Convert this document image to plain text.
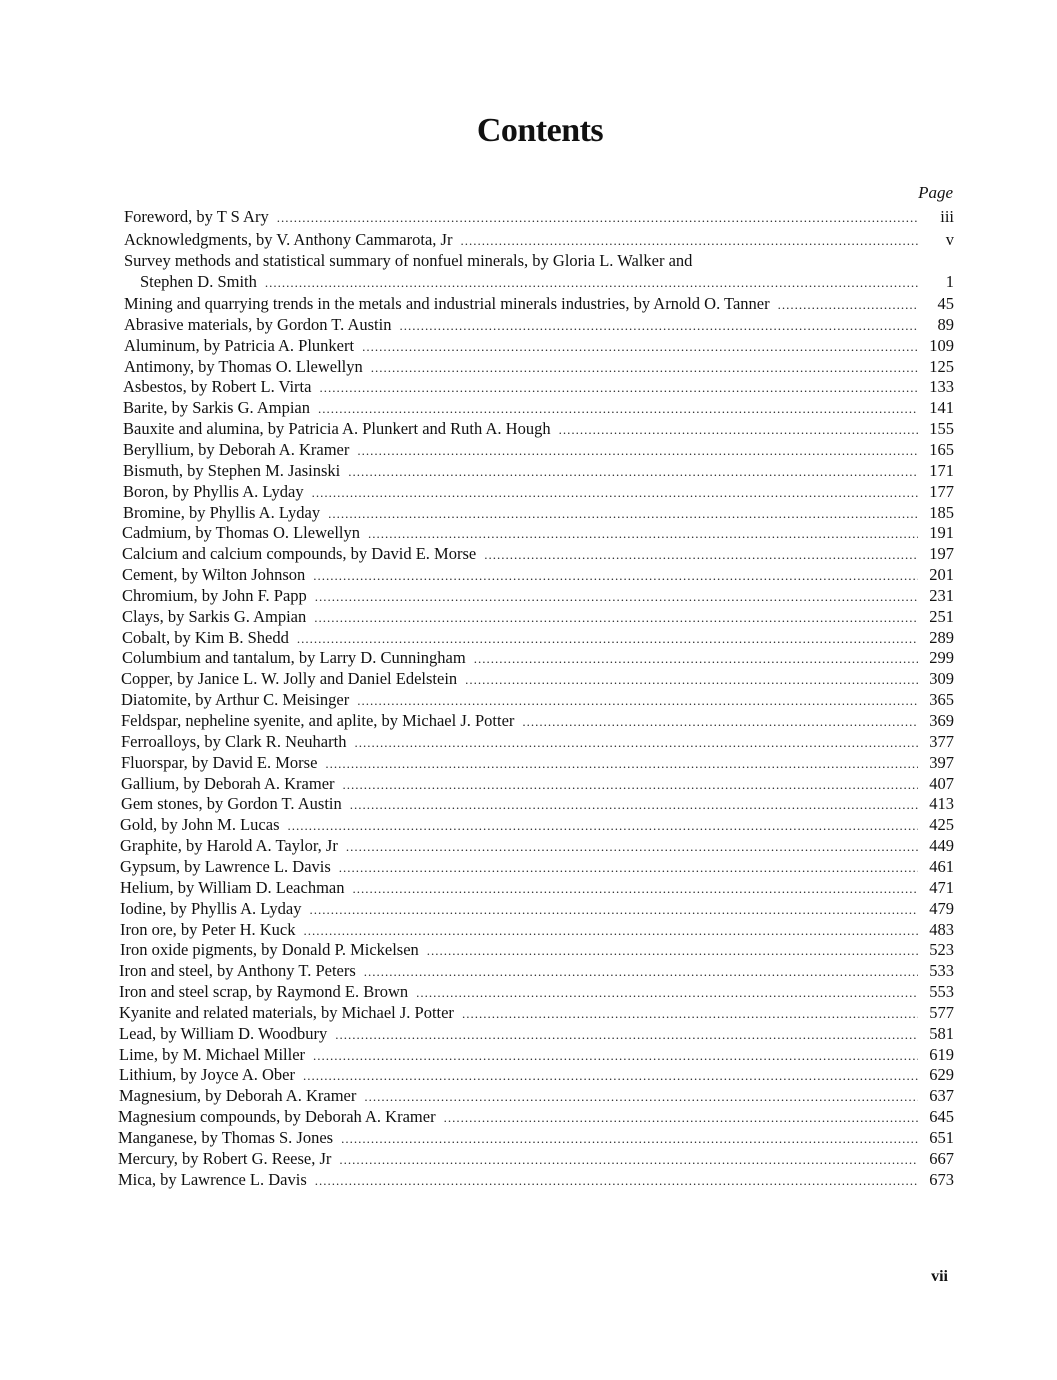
Contents
Page
Foreword, by T S Ary .....	iii
Acknowledgments, by V. Anthony Cammarota, Jr .....	v
Survey methods and statistical summary of nonfuel minerals, by Gloria L. Walker and
Stephen D. Smith .....	1
Mining and quarrying trends in the metals and industrial minerals industries, by Arnold O. Tanner .....	45
Abrasive materials, by Gordon T. Austin .....	89
Aluminum, by Patricia A. Plunkert .....	109
Antimony, by Thomas O. Llewellyn .....	125
Asbestos, by Robert L. Virta .....	133
Barite, by Sarkis G. Ampian .....	141
Bauxite and alumina, by Patricia A. Plunkert and Ruth A. Hough .....	155
Beryllium, by Deborah A. Kramer .....	165
Bismuth, by Stephen M. Jasinski .....	171
Boron, by Phyllis A. Lyday .....	177
Bromine, by Phyllis A. Lyday .....	185
Cadmium, by Thomas O. Llewellyn .....	191
Calcium and calcium compounds, by David E. Morse .....	197
Cement, by Wilton Johnson .....	201
Chromium, by John F. Papp .....	231
Clays, by Sarkis G. Ampian .....	251
Cobalt, by Kim B. Shedd .....	289
Columbium and tantalum, by Larry D. Cunningham .....	299
Copper, by Janice L. W. Jolly and Daniel Edelstein .....	309
Diatomite, by Arthur C. Meisinger .....	365
Feldspar, nepheline syenite, and aplite, by Michael J. Potter .....	369
Ferroalloys, by Clark R. Neuharth .....	377
Fluorspar, by David E. Morse .....	397
Gallium, by Deborah A. Kramer .....	407
Gem stones, by Gordon T. Austin .....	413
Gold, by John M. Lucas .....	425
Graphite, by Harold A. Taylor, Jr .....	449
Gypsum, by Lawrence L. Davis .....	461
Helium, by William D. Leachman .....	471
Iodine, by Phyllis A. Lyday .....	479
Iron ore, by Peter H. Kuck .....	483
Iron oxide pigments, by Donald P. Mickelsen .....	523
Iron and steel, by Anthony T. Peters .....	533
Iron and steel scrap, by Raymond E. Brown .....	553
Kyanite and related materials, by Michael J. Potter .....	577
Lead, by William D. Woodbury .....	581
Lime, by M. Michael Miller .....	619
Lithium, by Joyce A. Ober .....	629
Magnesium, by Deborah A. Kramer .....	637
Magnesium compounds, by Deborah A. Kramer .....	645
Manganese, by Thomas S. Jones .....	651
Mercury, by Robert G. Reese, Jr .....	667
Mica, by Lawrence L. Davis .....	673
vii
